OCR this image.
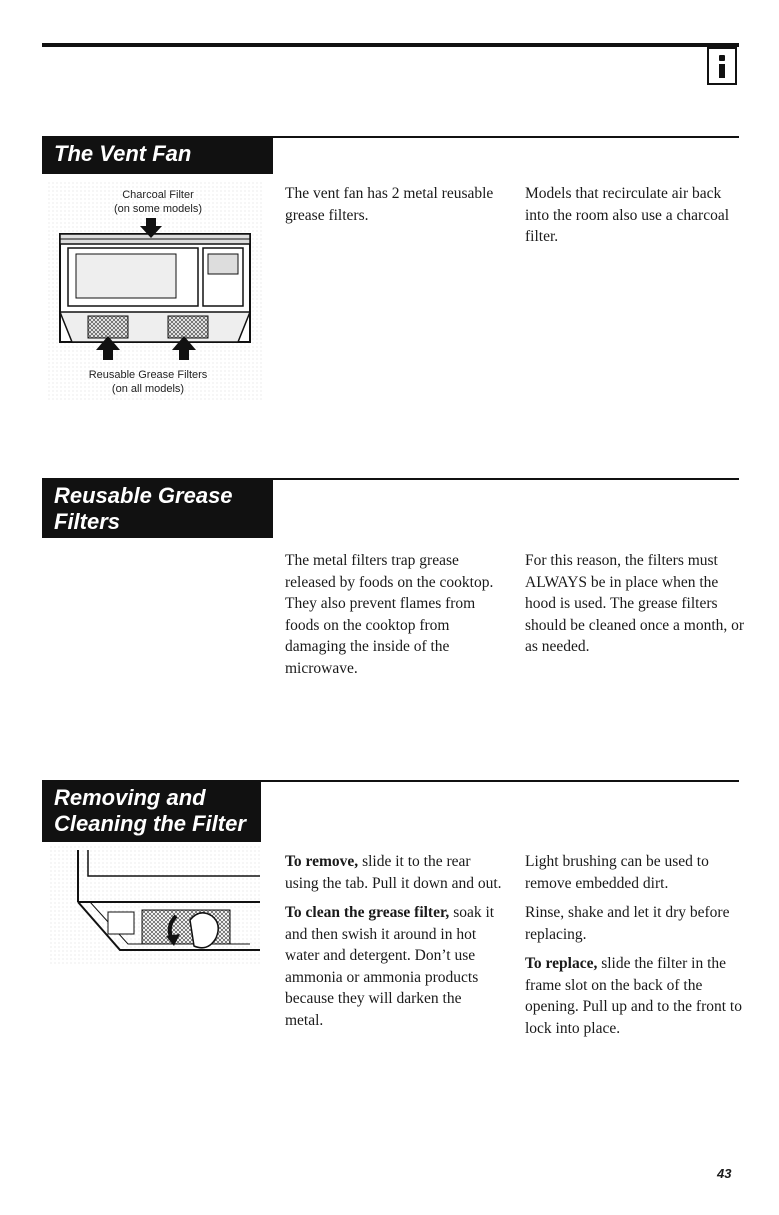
The Vent Fan
Charcoal Filter
(on some models)
Reusable Grease Filters
(on all models)

The vent fan has 2 metal reusable grease filters.

Models that recirculate air back into the room also use a charcoal filter.

Reusable Grease
Filters

The metal filters trap grease released by foods on the cooktop. They also prevent flames from foods on the cooktop from damaging the inside of the microwave.

For this reason, the filters must ALWAYS be in place when the hood is used. The grease filters should be cleaned once a month, or as needed.

Removing and
Cleaning the Filter

To remove, slide it to the rear using the tab. Pull it down and out.

To clean the grease filter, soak it and then swish it around in hot water and detergent. Don’t use ammonia or ammonia products because they will darken the metal.

Light brushing can be used to remove embedded dirt.

Rinse, shake and let it dry before replacing.

To replace, slide the filter in the frame slot on the back of the opening. Pull up and to the front to lock into place.

43
